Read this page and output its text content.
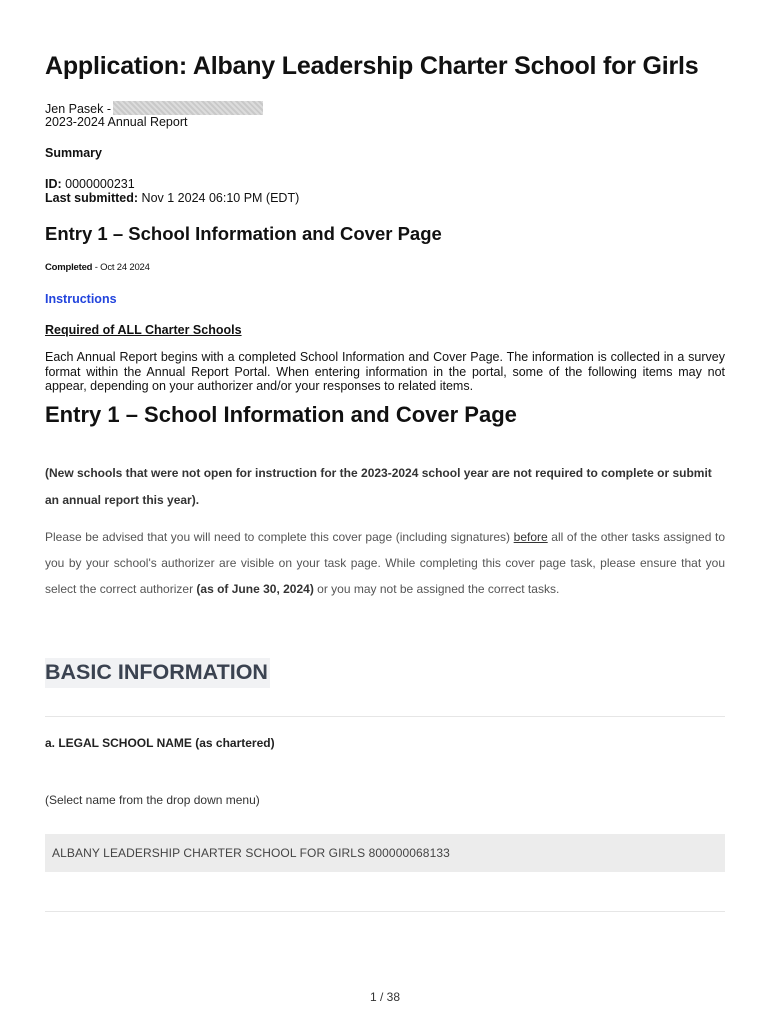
Application: Albany Leadership Charter School for Girls
Jen Pasek -
2023-2024 Annual Report
Summary
ID: 0000000231
Last submitted: Nov 1 2024 06:10 PM (EDT)
Entry 1 – School Information and Cover Page
Completed - Oct 24 2024
Instructions
Required of ALL Charter Schools

Each Annual Report begins with a completed School Information and Cover Page. The information is collected in a survey format within the Annual Report Portal. When entering information in the portal, some of the following items may not appear, depending on your authorizer and/or your responses to related items.

Entry 1 – School Information and Cover Page

(New schools that were not open for instruction for the 2023-2024 school year are not required to complete or submit an annual report this year).

Please be advised that you will need to complete this cover page (including signatures) before all of the other tasks assigned to you by your school's authorizer are visible on your task page. While completing this cover page task, please ensure that you select the correct authorizer (as of June 30, 2024) or you may not be assigned the correct tasks.

BASIC INFORMATION
a. LEGAL SCHOOL NAME (as chartered)
(Select name from the drop down menu)
ALBANY LEADERSHIP CHARTER SCHOOL FOR GIRLS 800000068133
1 / 38
